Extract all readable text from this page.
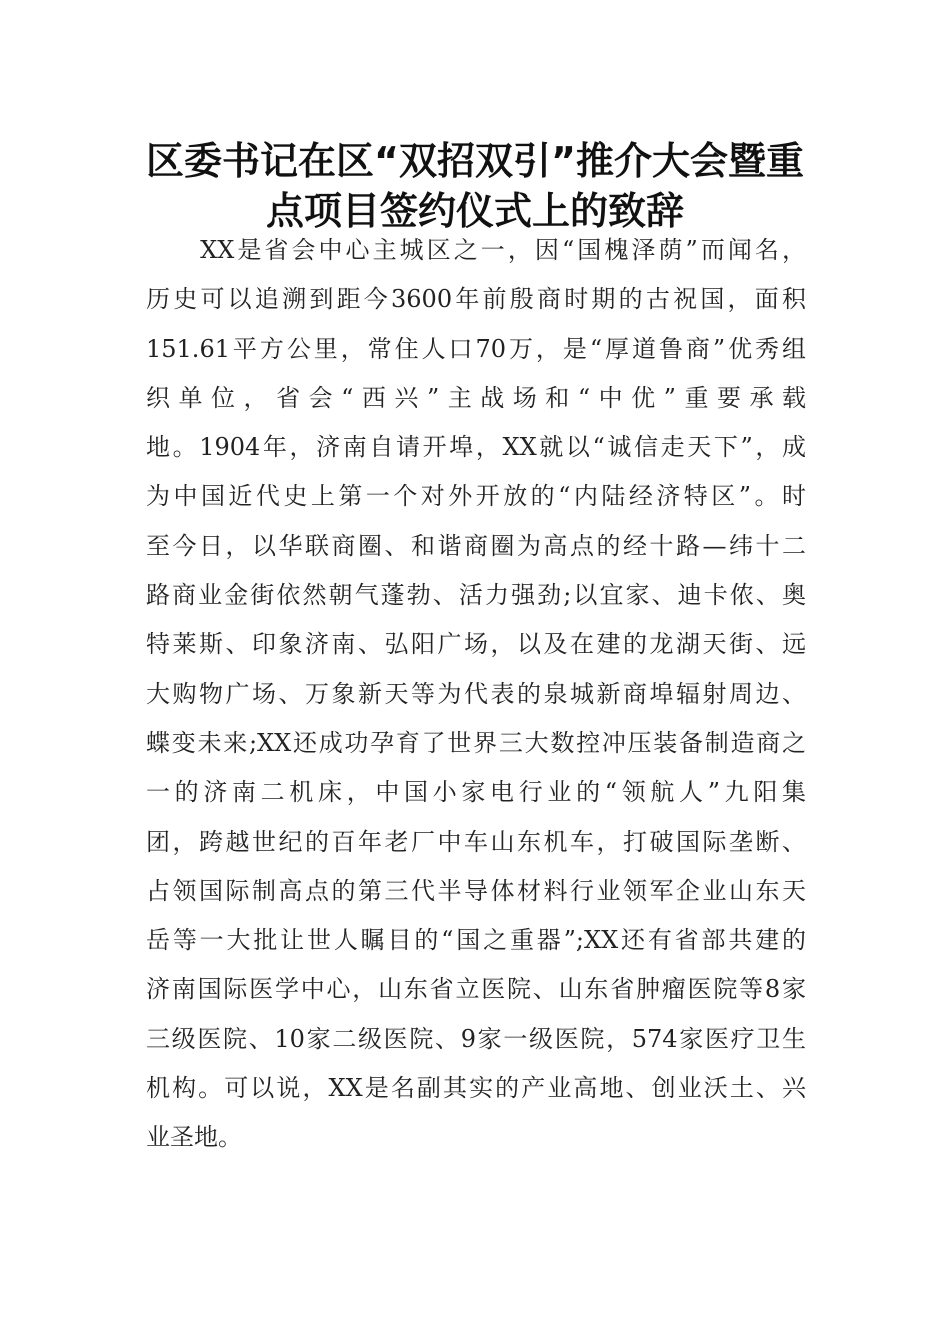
区委书记在区“双招双引”推介大会暨重
点项目签约仪式上的致辞
　　XX是省会中心主城区之一，因“国槐泽荫”而闻名，
历史可以追溯到距今3600年前殷商时期的古祝国，面积
151.61平方公里，常住人口70万，是“厚道鲁商”优秀组
织单位，省会“西兴”主战场和“中优”重要承载
地。1904年，济南自请开埠，XX就以“诚信走天下”，成
为中国近代史上第一个对外开放的“内陆经济特区”。时
至今日，以华联商圈、和谐商圈为高点的经十路—纬十二
路商业金街依然朝气蓬勃、活力强劲;以宜家、迪卡侬、奥
特莱斯、印象济南、弘阳广场，以及在建的龙湖天街、远
大购物广场、万象新天等为代表的泉城新商埠辐射周边、
蝶变未来;XX还成功孕育了世界三大数控冲压装备制造商之
一的济南二机床，中国小家电行业的“领航人”九阳集
团，跨越世纪的百年老厂中车山东机车，打破国际垄断、
占领国际制高点的第三代半导体材料行业领军企业山东天
岳等一大批让世人瞩目的“国之重器”;XX还有省部共建的
济南国际医学中心，山东省立医院、山东省肿瘤医院等8家
三级医院、10家二级医院、9家一级医院，574家医疗卫生
机构。可以说，XX是名副其实的产业高地、创业沃土、兴
业圣地。
